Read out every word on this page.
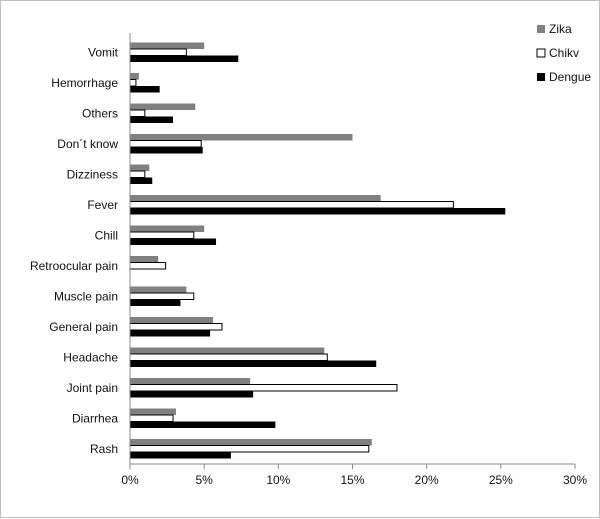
Vomit
Hemorrhage
Others
Don´t know
Dizziness
Fever
Chill
Retroocular pain
Muscle pain
General pain
Headache
Joint pain
Diarrhea
Rash
0%	5%	10%	15%	20%	25%	30%
Zika
Chikv
Dengue
